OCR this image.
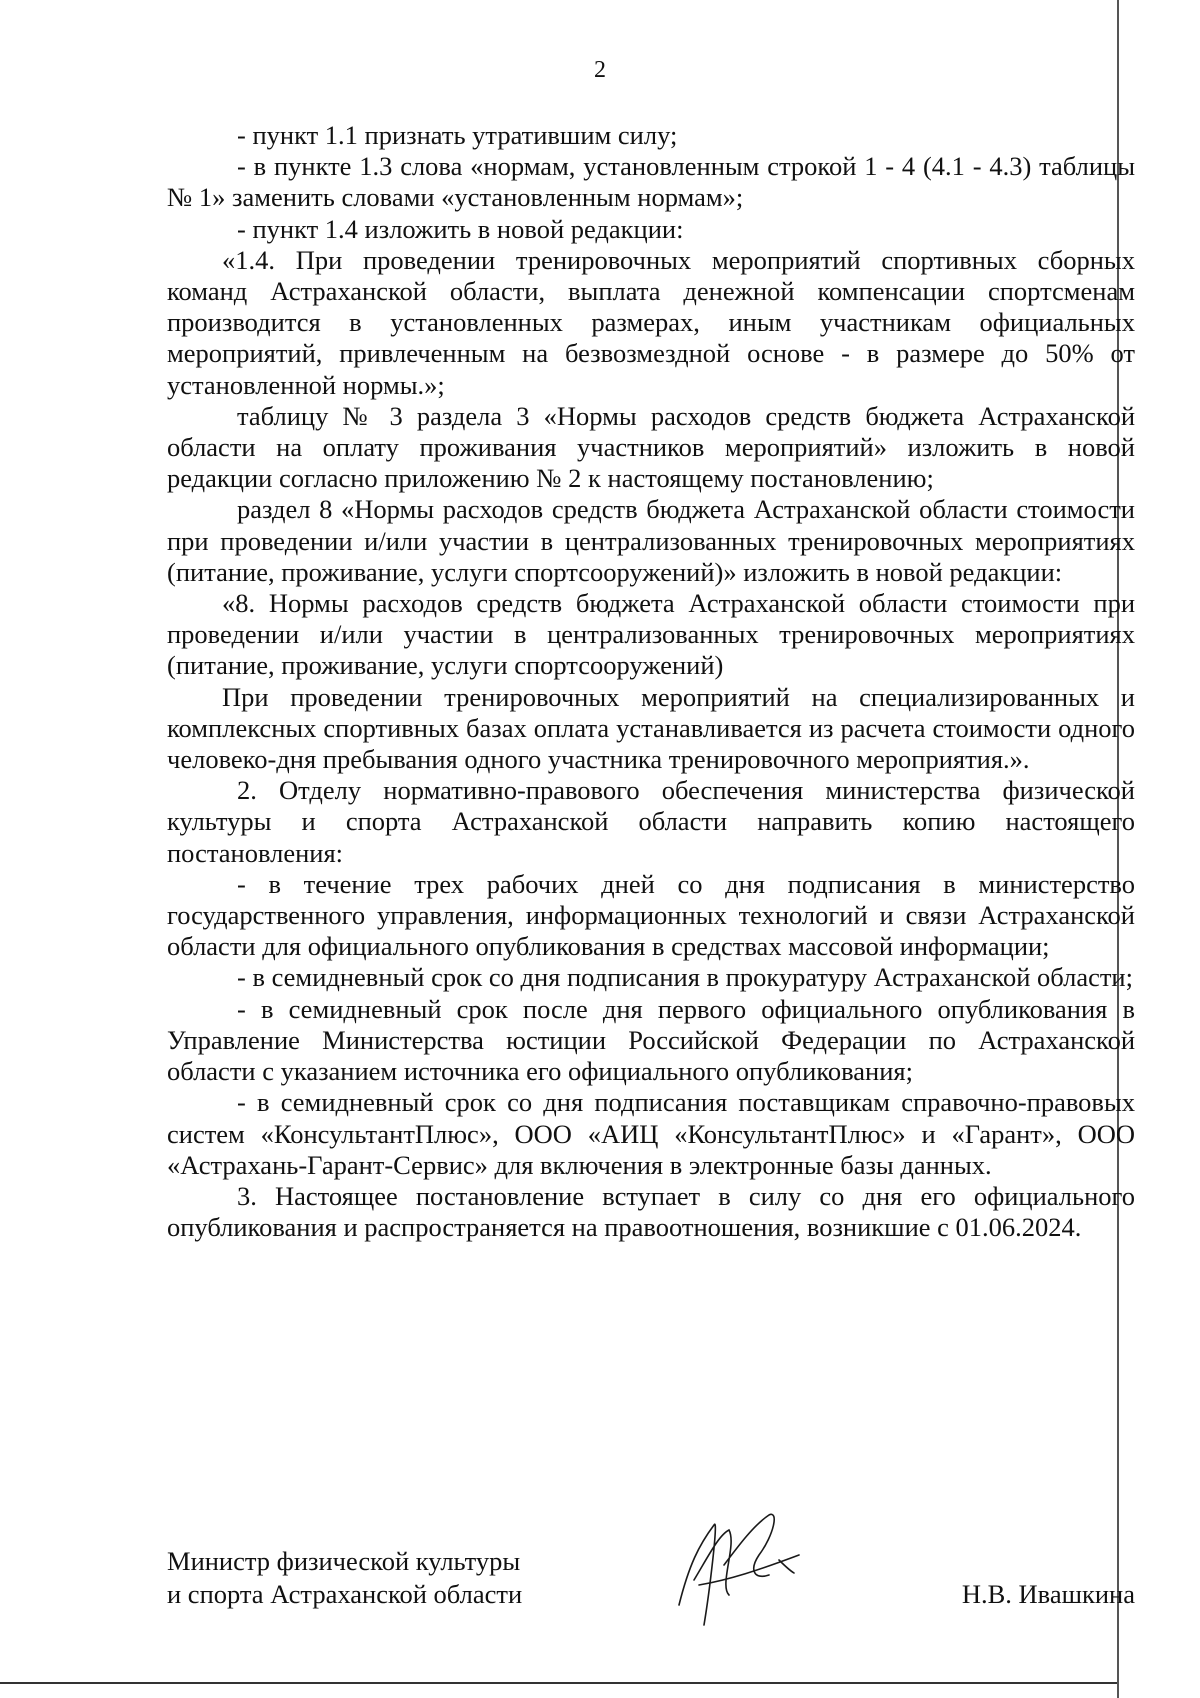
2

- пункт 1.1 признать утратившим силу;

- в пункте 1.3 слова «нормам, установленным строкой 1 - 4 (4.1 - 4.3) таблицы № 1» заменить словами «установленным нормам»;

- пункт 1.4 изложить в новой редакции:

«1.4. При проведении тренировочных мероприятий спортивных сборных команд Астраханской области, выплата денежной компенсации спортсменам производится в установленных размерах, иным участникам официальных мероприятий, привлеченным на безвозмездной основе - в размере до 50% от установленной нормы.»;

таблицу № 3 раздела 3 «Нормы расходов средств бюджета Астраханской области на оплату проживания участников мероприятий» изложить в новой редакции согласно приложению № 2 к настоящему постановлению;

раздел 8 «Нормы расходов средств бюджета Астраханской области стоимости при проведении и/или участии в централизованных тренировочных мероприятиях (питание, проживание, услуги спортсооружений)» изложить в новой редакции:

«8. Нормы расходов средств бюджета Астраханской области стоимости при проведении и/или участии в централизованных тренировочных мероприятиях (питание, проживание, услуги спортсооружений)

При проведении тренировочных мероприятий на специализированных и комплексных спортивных базах оплата устанавливается из расчета стоимости одного человеко-дня пребывания одного участника тренировочного мероприятия.».

2. Отделу нормативно-правового обеспечения министерства физической культуры и спорта Астраханской области направить копию настоящего постановления:

- в течение трех рабочих дней со дня подписания в министерство государственного управления, информационных технологий и связи Астраханской области для официального опубликования в средствах массовой информации;

- в семидневный срок со дня подписания в прокуратуру Астраханской области;

- в семидневный срок после дня первого официального опубликования в Управление Министерства юстиции Российской Федерации по Астраханской области с указанием источника его официального опубликования;

- в семидневный срок со дня подписания поставщикам справочно-правовых систем «КонсультантПлюс», ООО «АИЦ «КонсультантПлюс» и «Гарант», ООО «Астрахань-Гарант-Сервис» для включения в электронные базы данных.

3. Настоящее постановление вступает в силу со дня его официального опубликования и распространяется на правоотношения, возникшие с 01.06.2024.

Министр физической культуры
и спорта Астраханской области	Н.В. Ивашкина
